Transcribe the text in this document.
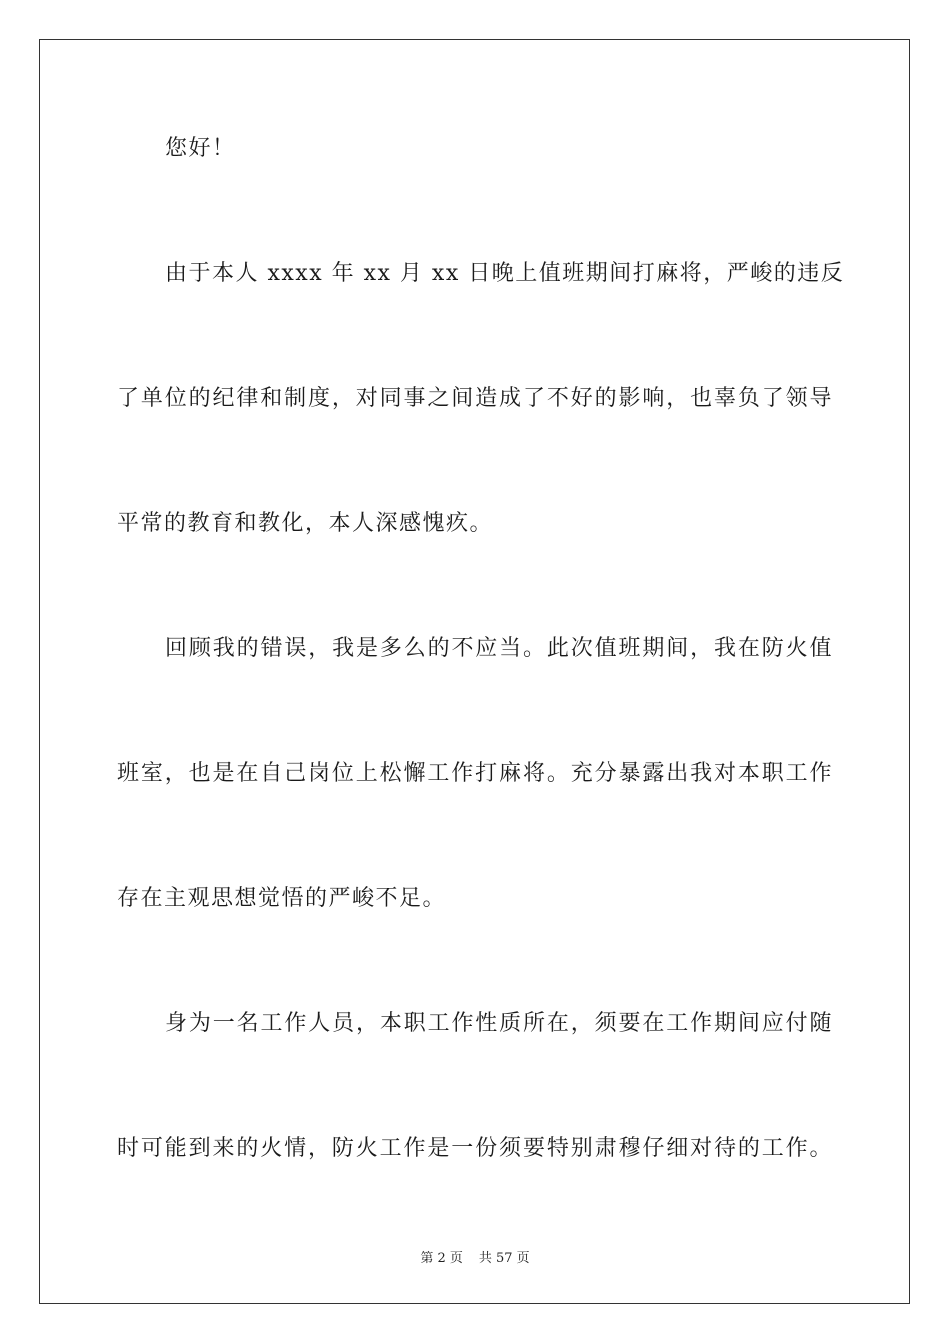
您好！
由于本人 xxxx 年 xx 月 xx 日晚上值班期间打麻将，严峻的违反
了单位的纪律和制度，对同事之间造成了不好的影响，也辜负了领导
平常的教育和教化，本人深感愧疚。
回顾我的错误，我是多么的不应当。此次值班期间，我在防火值
班室，也是在自己岗位上松懈工作打麻将。充分暴露出我对本职工作
存在主观思想觉悟的严峻不足。
身为一名工作人员，本职工作性质所在，须要在工作期间应付随
时可能到来的火情，防火工作是一份须要特别肃穆仔细对待的工作。
第 2 页 共 57 页
